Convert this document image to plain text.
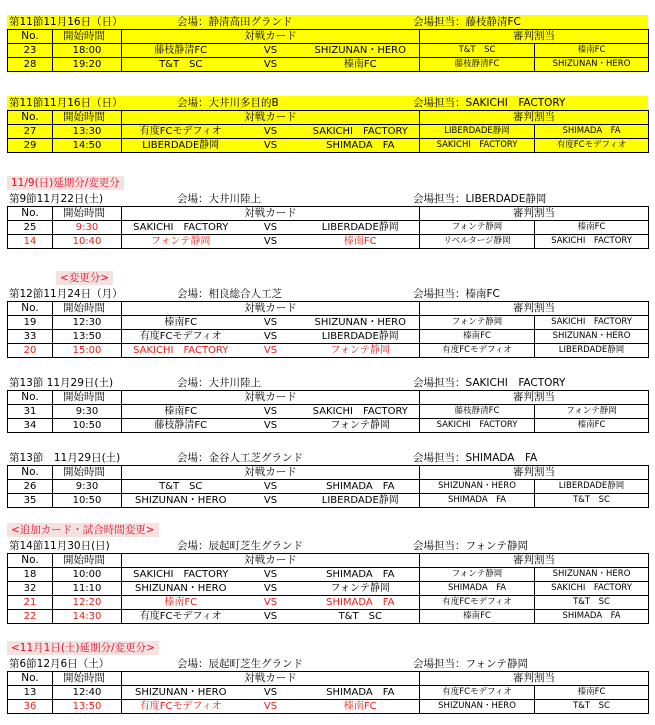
第11節11月16日（日）	会場：静清高田グランド	会場担当：藤枝静清FC
No.	開始時間	対戦カード			審判割当	
23	18:00	藤枝静清FC	VS	SHIZUNAN・HERO	T&T　SC	榛南FC
28	19:20	T&T　SC	VS	榛南FC	藤枝静清FC	SHIZUNAN・HERO
第11節11月16日（日）	会場：大井川多目的B	会場担当：SAKICHI　FACTORY
No.	開始時間	対戦カード			審判割当	
27	13:30	有度FCモデフィオ	VS	SAKICHI　FACTORY	LIBERDADE静岡	SHIMADA　FA
29	14:50	LIBERDADE静岡	VS	SHIMADA　FA	SAKICHI　FACTORY	有度FCモデフィオ
11/9(日)延期分/変更分
第9節11月22日(土)	会場：大井川陸上	会場担当：LIBERDADE静岡
No.	開始時間	対戦カード			審判割当	
25	9:30	SAKICHI　FACTORY	VS	LIBERDADE静岡	フォンテ静岡	榛南FC
14	10:40	フォンテ静岡	VS	榛南FC	リベルタージ静岡	SAKICHI　FACTORY
<変更分>
第12節11月24日（月）	会場：相良総合人工芝	会場担当：榛南FC
No.	開始時間	対戦カード			審判割当	
19	12:30	榛南FC	VS	SHIZUNAN・HERO	フォンテ静岡	SAKICHI　FACTORY
33	13:50	有度FCモデフィオ	VS	LIBERDADE静岡	榛南FC	SHIZUNAN・HERO
20	15:00	SAKICHI　FACTORY	VS	フォンテ静岡	有度FCモデフィオ	LIBERDADE静岡
第13節 11月29日(土)	会場：大井川陸上	会場担当：SAKICHI　FACTORY
No.	開始時間	対戦カード			審判割当	
31	9:30	榛南FC	VS	SAKICHI　FACTORY	藤枝静清FC	フォンテ静岡
34	10:50	藤枝静清FC	VS	フォンテ静岡	SAKICHI　FACTORY	榛南FC
第13節　11月29日(土)	会場：金谷人工芝グランド	会場担当：SHIMADA　FA
No.	開始時間	対戦カード			審判割当	
26	9:30	T&T　SC	VS	SHIMADA　FA	SHIZUNAN・HERO	LIBERDADE静岡
35	10:50	SHIZUNAN・HERO	VS	LIBERDADE静岡	SHIMADA　FA	T&T　SC
<追加カード・試合時間変更>
第14節11月30日(日)	会場：辰起町芝生グランド	会場担当：フォンテ静岡
No.	開始時間	対戦カード			審判割当	
18	10:00	SAKICHI　FACTORY	VS	SHIMADA　FA	フォンテ静岡	SHIZUNAN・HERO
32	11:10	SHIZUNAN・HERO	VS	フォンテ静岡	SHIMADA　FA	SAKICHI　FACTORY
21	12:20	榛南FC	VS	SHIMADA　FA	有度FCモデフィオ	T&T　SC
22	14:30	有度FCモデフィオ	VS	T&T　SC	榛南FC	SHIMADA　FA
<11月1日(土)延期分/変更分>
第6節12月6日（土）	会場：辰起町芝生グランド	会場担当：フォンテ静岡
No.	開始時間	対戦カード			審判割当	
13	12:40	SHIZUNAN・HERO	VS	SHIMADA　FA	有度FCモデフィオ	榛南FC
36	13:50	有度FCモデフィオ	VS	榛南FC	SHIZUNAN・HERO	T&T　SC
